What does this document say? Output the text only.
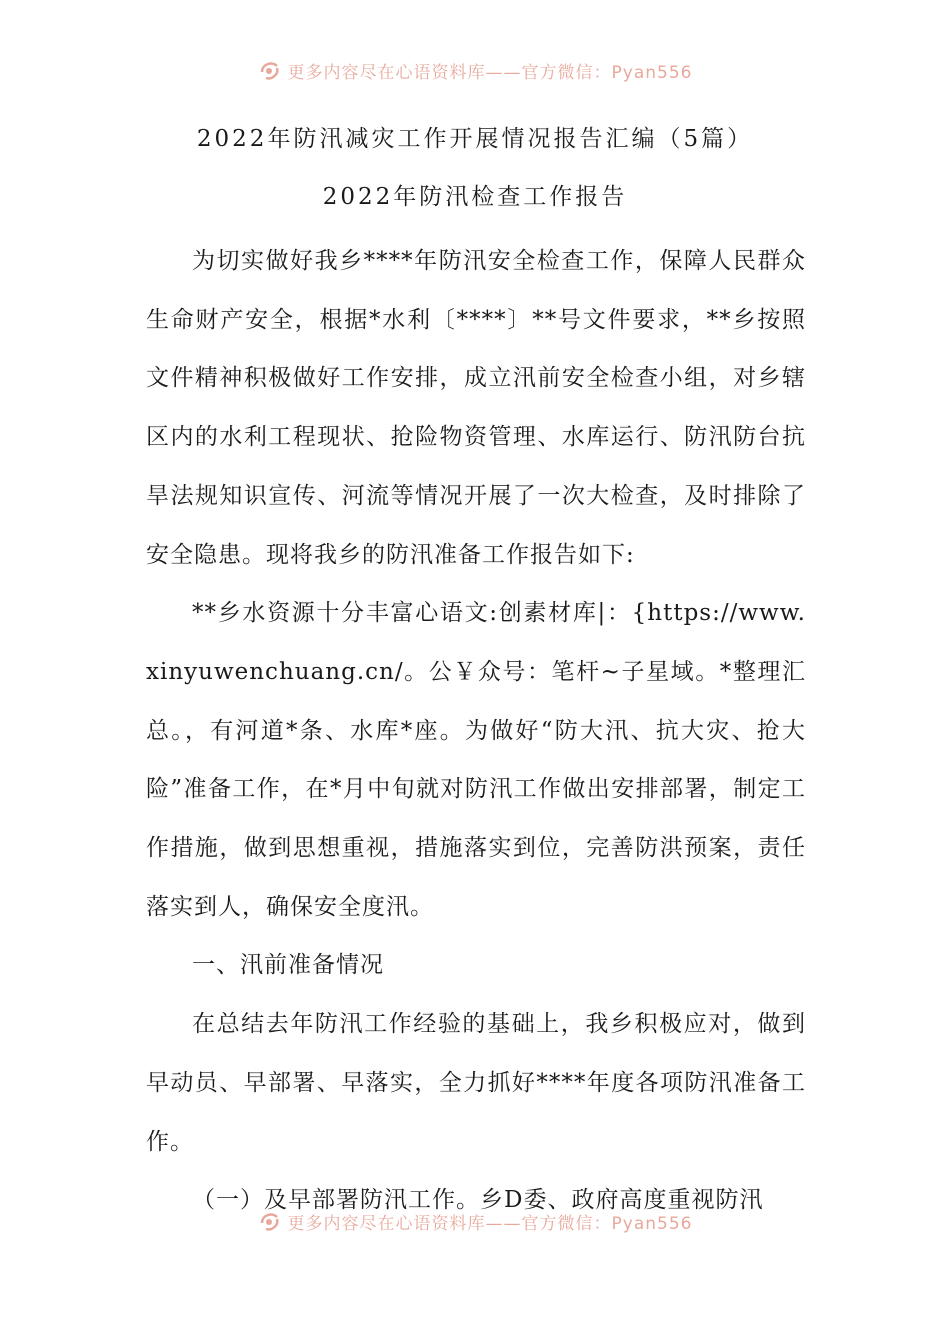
更多内容尽在心语资料库——官方微信：Pyan556
2022年防汛减灾工作开展情况报告汇编（5篇）
2022年防汛检查工作报告

为切实做好我乡****年防汛安全检查工作，保障人民群众生命财产安全，根据*水利〔****〕**号文件要求，**乡按照文件精神积极做好工作安排，成立汛前安全检查小组，对乡辖区内的水利工程现状、抢险物资管理、水库运行、防汛防台抗旱法规知识宣传、河流等情况开展了一次大检查，及时排除了安全隐患。现将我乡的防汛准备工作报告如下:

**乡水资源十分丰富心语文:创素材库|：{https://www.xinyuwenchuang.cn/。公￥众号：笔杆~子星域。*整理汇总。，有河道*条、水库*座。为做好“防大汛、抗大灾、抢大险”准备工作，在*月中旬就对防汛工作做出安排部署，制定工作措施，做到思想重视，措施落实到位，完善防洪预案，责任落实到人，确保安全度汛。

一、汛前准备情况

在总结去年防汛工作经验的基础上，我乡积极应对，做到早动员、早部署、早落实，全力抓好****年度各项防汛准备工作。

（一）及早部署防汛工作。乡D委、政府高度重视防汛

更多内容尽在心语资料库——官方微信：Pyan556
